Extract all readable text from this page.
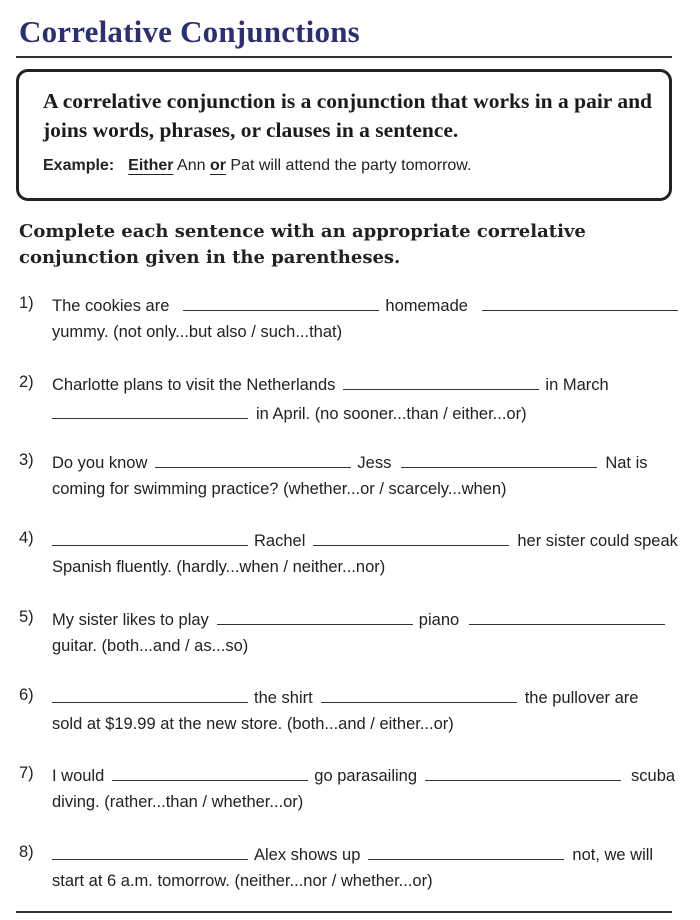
Correlative Conjunctions
A correlative conjunction is a conjunction that works in a pair and joins words, phrases, or clauses in a sentence.
Example: Either Ann or Pat will attend the party tomorrow.
Complete each sentence with an appropriate correlative conjunction given in the parentheses.
1) The cookies are	homemade
yummy. (not only...but also / such...that)
2) Charlotte plans to visit the Netherlands	in March
in April. (no sooner...than / either...or)
3) Do you know	Jess	Nat is
coming for swimming practice? (whether...or / scarcely...when)
4)	Rachel	her sister could speak
Spanish fluently. (hardly...when / neither...nor)
5) My sister likes to play	piano
guitar. (both...and / as...so)
6)	the shirt	the pullover are
sold at $19.99 at the new store. (both...and / either...or)
7) I would	go parasailing	scuba
diving. (rather...than / whether...or)
8)	Alex shows up	not, we will
start at 6 a.m. tomorrow. (neither...nor / whether...or)
